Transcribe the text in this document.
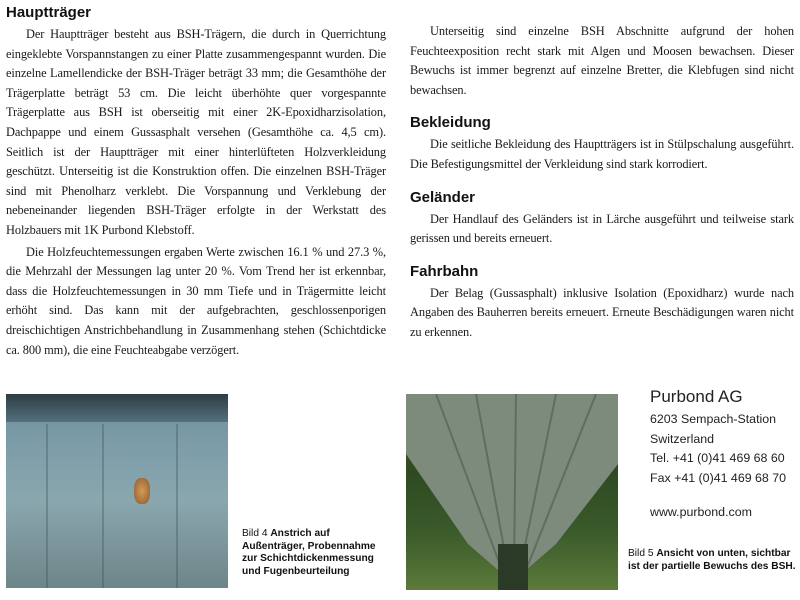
Hauptträger

Der Hauptträger besteht aus BSH-Trägern, die durch in Querrichtung eingeklebte Vorspannstangen zu einer Platte zusammengespannt wurden. Die einzelne Lamellendicke der BSH-Träger beträgt 33 mm; die Gesamthöhe der Trägerplatte beträgt 53 cm. Die leicht überhöhte quer vorgespannte Trägerplatte aus BSH ist oberseitig mit einer 2K-Epoxidharzisolation, Dachpappe und einem Gussasphalt versehen (Gesamthöhe ca. 4,5 cm). Seitlich ist der Hauptträger mit einer hinterlüfteten Holzverkleidung geschützt. Unterseitig ist die Konstruktion offen. Die einzelnen BSH-Träger sind mit Phenolharz verklebt. Die Vorspannung und Verklebung der nebeneinander liegenden BSH-Träger erfolgte in der Werkstatt des Holzbauers mit 1K Purbond Klebstoff.

Die Holzfeuchtemessungen ergaben Werte zwischen 16.1 % und 27.3 %, die Mehrzahl der Messungen lag unter 20 %. Vom Trend her ist erkennbar, dass die Holzfeuchtemessungen in 30 mm Tiefe und in Trägermitte leicht erhöht sind. Das kann mit der aufgebrachten, geschlossenporigen dreischichtigen Anstrichbehandlung in Zusammenhang stehen (Schichtdicke ca. 800 mm), die eine Feuchteabgabe verzögert.

Unterseitig sind einzelne BSH Abschnitte aufgrund der hohen Feuchteexposition recht stark mit Algen und Moosen bewachsen. Dieser Bewuchs ist immer begrenzt auf einzelne Bretter, die Klebfugen sind nicht bewachsen.

Bekleidung

Die seitliche Bekleidung des Hauptträgers ist in Stülpschalung ausgeführt. Die Befestigungsmittel der Verkleidung sind stark korrodiert.

Geländer

Der Handlauf des Geländers ist in Lärche ausgeführt und teilweise stark gerissen und bereits erneuert.

Fahrbahn

Der Belag (Gussasphalt) inklusive Isolation (Epoxidharz) wurde nach Angaben des Bauherren bereits erneuert. Erneute Beschädigungen waren nicht zu erkennen.

Bild 4 Anstrich auf Außenträger, Probennahme zur Schichtdickenmessung und Fugenbeurteilung
Bild 5 Ansicht von unten, sichtbar ist der partielle Bewuchs des BSH.
Purbond AG
6203 Sempach-Station
Switzerland
Tel. +41 (0)41 469 68 60
Fax +41 (0)41 469 68 70
www.purbond.com
